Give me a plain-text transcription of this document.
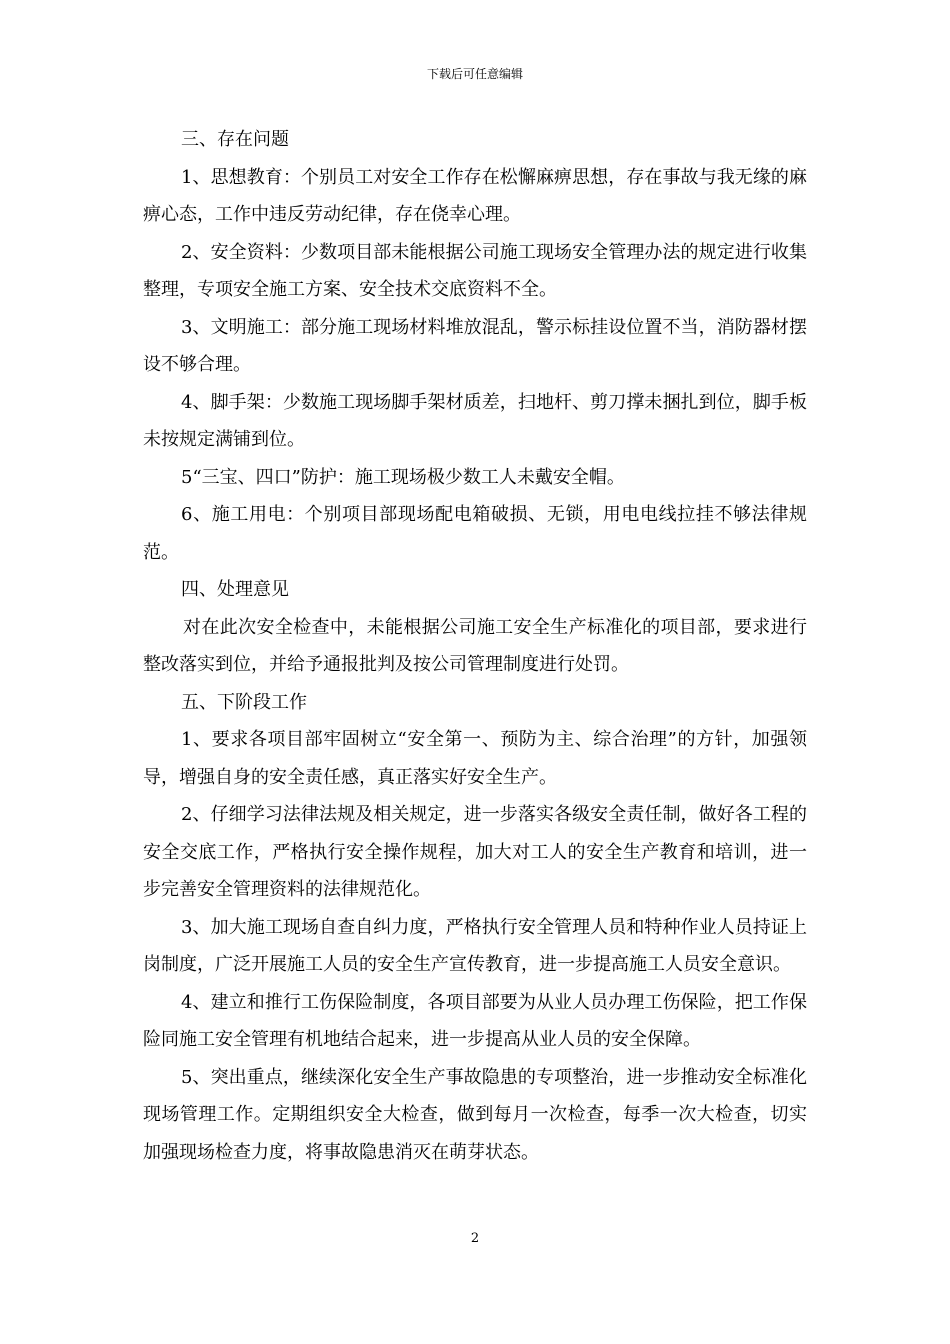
下载后可任意编辑

三、存在问题

1、思想教育：个别员工对安全工作存在松懈麻痹思想，存在事故与我无缘的麻痹心态，工作中违反劳动纪律，存在侥幸心理。

2、安全资料：少数项目部未能根据公司施工现场安全管理办法的规定进行收集整理，专项安全施工方案、安全技术交底资料不全。

3、文明施工：部分施工现场材料堆放混乱，警示标挂设位置不当，消防器材摆设不够合理。

4、脚手架：少数施工现场脚手架材质差，扫地杆、剪刀撑未捆扎到位，脚手板未按规定满铺到位。

5“三宝、四口”防护：施工现场极少数工人未戴安全帽。

6、施工用电：个别项目部现场配电箱破损、无锁，用电电线拉挂不够法律规范。

四、处理意见

对在此次安全检查中，未能根据公司施工安全生产标准化的项目部，要求进行整改落实到位，并给予通报批判及按公司管理制度进行处罚。

五、下阶段工作

1、要求各项目部牢固树立“安全第一、预防为主、综合治理”的方针，加强领导，增强自身的安全责任感，真正落实好安全生产。

2、仔细学习法律法规及相关规定，进一步落实各级安全责任制，做好各工程的安全交底工作，严格执行安全操作规程，加大对工人的安全生产教育和培训，进一步完善安全管理资料的法律规范化。

3、加大施工现场自查自纠力度，严格执行安全管理人员和特种作业人员持证上岗制度，广泛开展施工人员的安全生产宣传教育，进一步提高施工人员安全意识。

4、建立和推行工伤保险制度，各项目部要为从业人员办理工伤保险，把工作保险同施工安全管理有机地结合起来，进一步提高从业人员的安全保障。

5、突出重点，继续深化安全生产事故隐患的专项整治，进一步推动安全标准化现场管理工作。定期组织安全大检查，做到每月一次检查，每季一次大检查，切实加强现场检查力度，将事故隐患消灭在萌芽状态。

2
